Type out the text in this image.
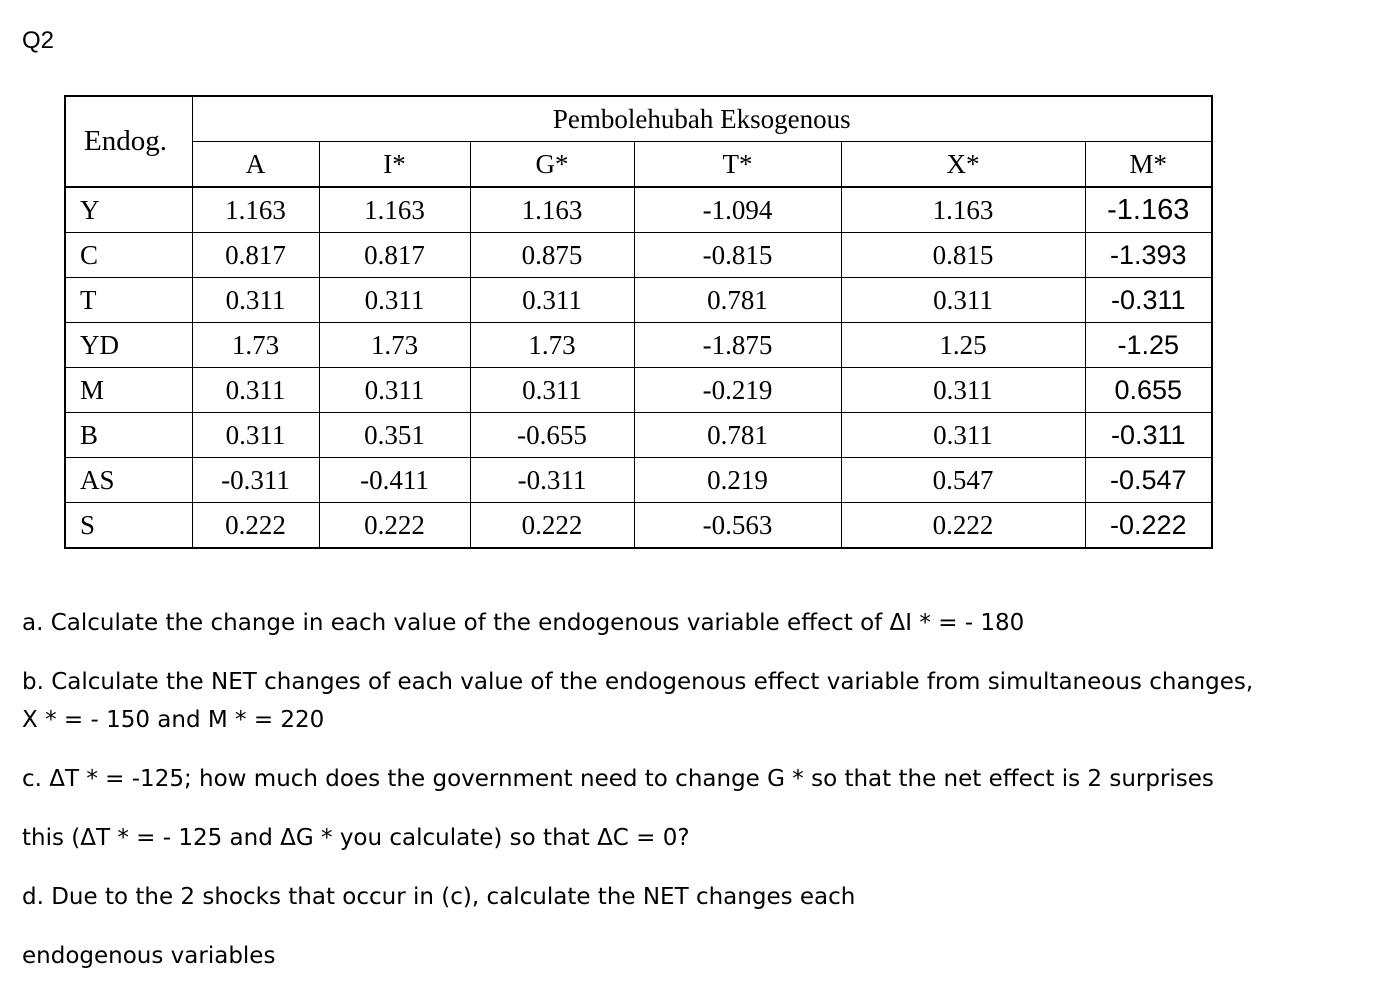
Q2
Endog.	Pembolehubah Eksogenous					
	A	I*	G*	T*	X*	M*
Y	1.163	1.163	1.163	-1.094	1.163	-1.163
C	0.817	0.817	0.875	-0.815	0.815	-1.393
T	0.311	0.311	0.311	0.781	0.311	-0.311
YD	1.73	1.73	1.73	-1.875	1.25	-1.25
M	0.311	0.311	0.311	-0.219	0.311	0.655
B	0.311	0.351	-0.655	0.781	0.311	-0.311
AS	-0.311	-0.411	-0.311	0.219	0.547	-0.547
S	0.222	0.222	0.222	-0.563	0.222	-0.222

a. Calculate the change in each value of the endogenous variable effect of ΔI * = - 180

b. Calculate the NET changes of each value of the endogenous effect variable from simultaneous changes,

X * = - 150 and M * = 220

c. ΔT * = -125; how much does the government need to change G * so that the net effect is 2 surprises

this (ΔT * = - 125 and ΔG * you calculate) so that ΔC = 0?

d. Due to the 2 shocks that occur in (c), calculate the NET changes each

endogenous variables
